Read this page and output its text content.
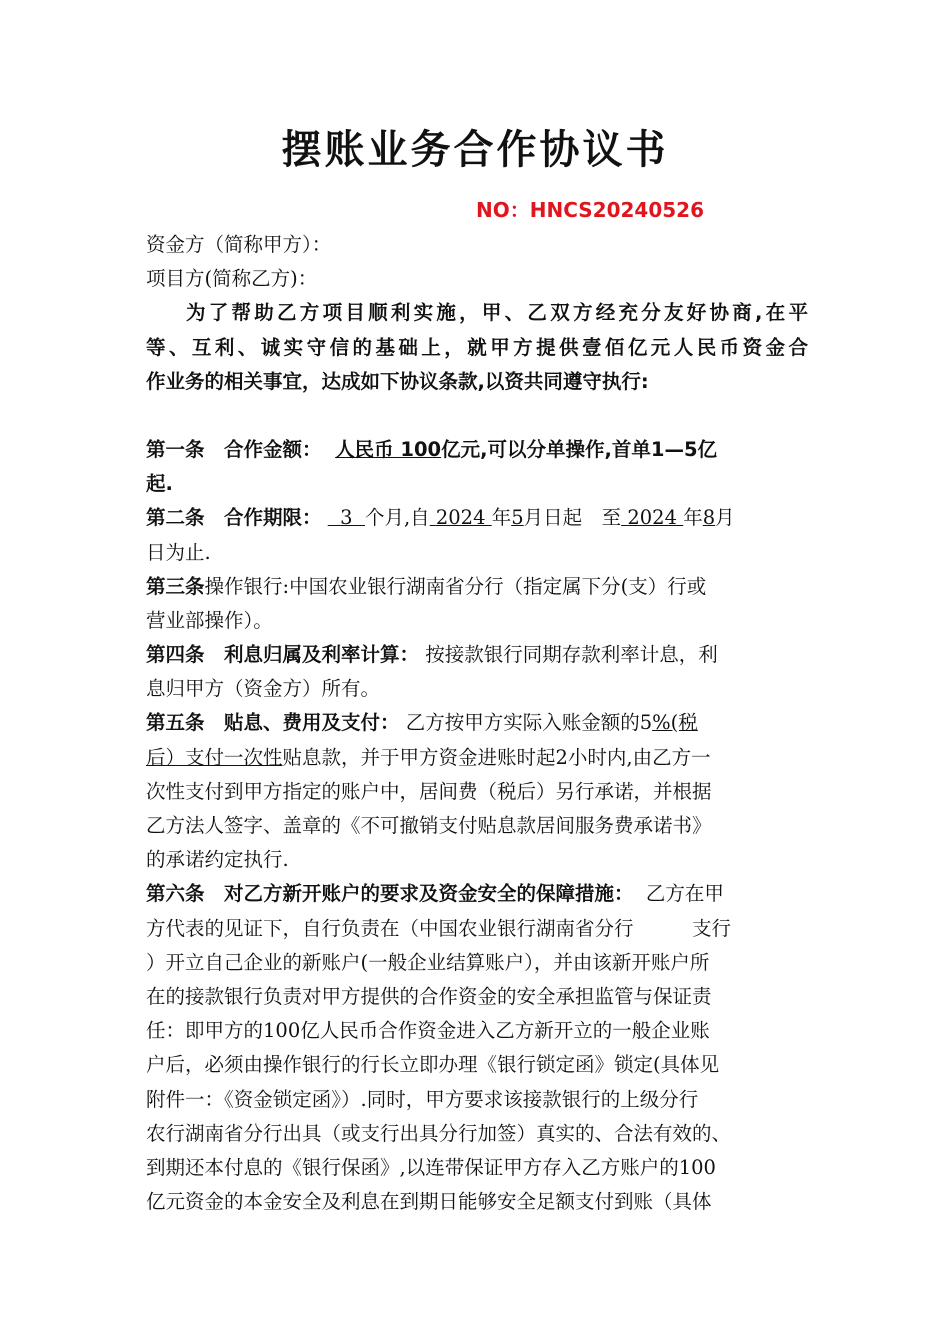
摆账业务合作协议书
NO：HNCS20240526
资金方（简称甲方）：
项目方(简称乙方)：
为了帮助乙方项目顺利实施，甲、乙双方经充分友好协商,在平
等、互利、诚实守信的基础上，就甲方提供壹佰亿元人民币资金合
作业务的相关事宜，达成如下协议条款,以资共同遵守执行:
第一条　合作金额： 人民币 100亿元,可以分单操作,首单1—5亿
起.
第二条　合作期限： 3 个月,自 2024 年5月日起　至 2024 年8月
日为止.
第三条操作银行:中国农业银行湖南省分行（指定属下分(支）行或
营业部操作）。
第四条　利息归属及利率计算： 按接款银行同期存款利率计息，利
息归甲方（资金方）所有。
第五条　贴息、费用及支付： 乙方按甲方实际入账金额的5%(税
后）支付一次性贴息款，并于甲方资金进账时起2小时内,由乙方一
次性支付到甲方指定的账户中，居间费（税后）另行承诺，并根据
乙方法人签字、盖章的《不可撤销支付贴息款居间服务费承诺书》
的承诺约定执行.
第六条　对乙方新开账户的要求及资金安全的保障措施： 乙方在甲
方代表的见证下，自行负责在（中国农业银行湖南省分行　　　支行
）开立自己企业的新账户(一般企业结算账户），并由该新开账户所
在的接款银行负责对甲方提供的合作资金的安全承担监管与保证责
任：即甲方的100亿人民币合作资金进入乙方新开立的一般企业账
户后，必须由操作银行的行长立即办理《银行锁定函》锁定(具体见
附件一：《资金锁定函》）.同时，甲方要求该接款银行的上级分行
农行湖南省分行出具（或支行出具分行加签）真实的、合法有效的、
到期还本付息的《银行保函》,以连带保证甲方存入乙方账户的100
亿元资金的本金安全及利息在到期日能够安全足额支付到账（具体
